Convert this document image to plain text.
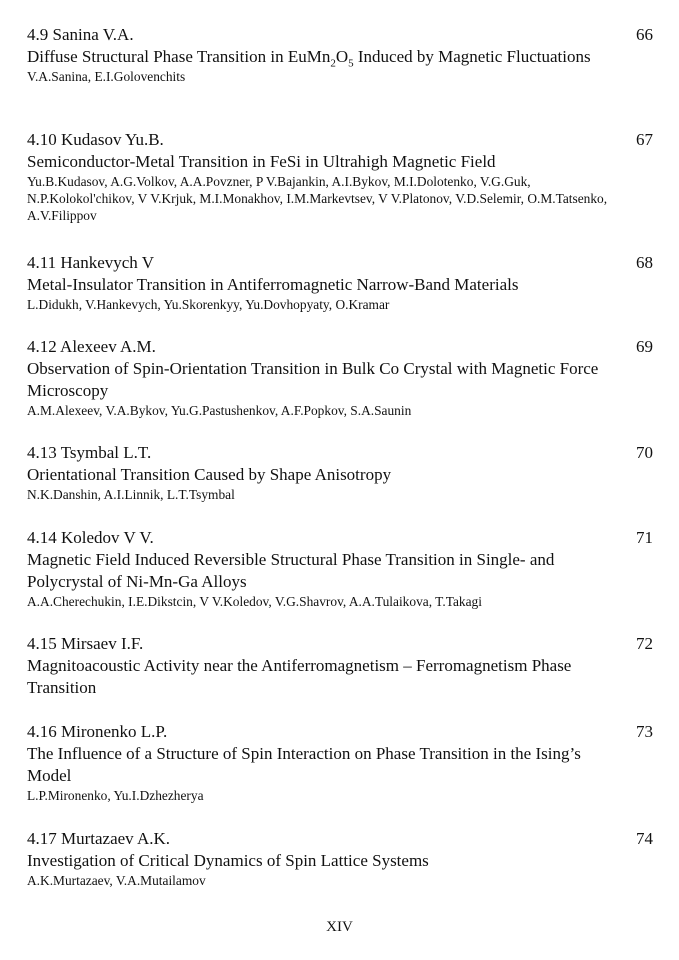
4.9 Sanina V.A.	66
Diffuse Structural Phase Transition in $EuMn_2O_5$ Induced by Magnetic Fluctuations
V.A.Sanina, E.I.Golovenchits
4.10 Kudasov Yu.B.	67
Semiconductor-Metal Transition in FeSi in Ultrahigh Magnetic Field
Yu.B.Kudasov, A.G.Volkov, A.A.Povzner, P V.Bajankin, A.I.Bykov, M.I.Dolotenko, V.G.Guk, N.P.Kolokol'chikov, V V.Krjuk, M.I.Monakhov, I.M.Markevtsev, V V.Platonov, V.D.Selemir, O.M.Tatsenko, A.V.Filippov
4.11 Hankevych V	68
Metal-Insulator Transition in Antiferromagnetic Narrow-Band Materials
L.Didukh, V.Hankevych, Yu.Skorenkyy, Yu.Dovhopyaty, O.Kramar
4.12 Alexeev A.M.	69
Observation of Spin-Orientation Transition in Bulk Co Crystal with Magnetic Force Microscopy
A.M.Alexeev, V.A.Bykov, Yu.G.Pastushenkov, A.F.Popkov, S.A.Saunin
4.13 Tsymbal L.T.	70
Orientational Transition Caused by Shape Anisotropy
N.K.Danshin, A.I.Linnik, L.T.Tsymbal
4.14 Koledov V V.	71
Magnetic Field Induced Reversible Structural Phase Transition in Single- and Polycrystal of Ni-Mn-Ga Alloys
A.A.Cherechukin, I.E.Dikstcin, V V.Koledov, V.G.Shavrov, A.A.Tulaikova, T.Takagi
4.15 Mirsaev I.F.	72
Magnitoacoustic Activity near the Antiferromagnetism – Ferromagnetism Phase Transition
4.16 Mironenko L.P.	73
The Influence of a Structure of Spin Interaction on Phase Transition in the Ising’s Model
L.P.Mironenko, Yu.I.Dzhezherya
4.17 Murtazaev A.K.	74
Investigation of Critical Dynamics of Spin Lattice Systems
A.K.Murtazaev, V.A.Mutailamov
XIV
